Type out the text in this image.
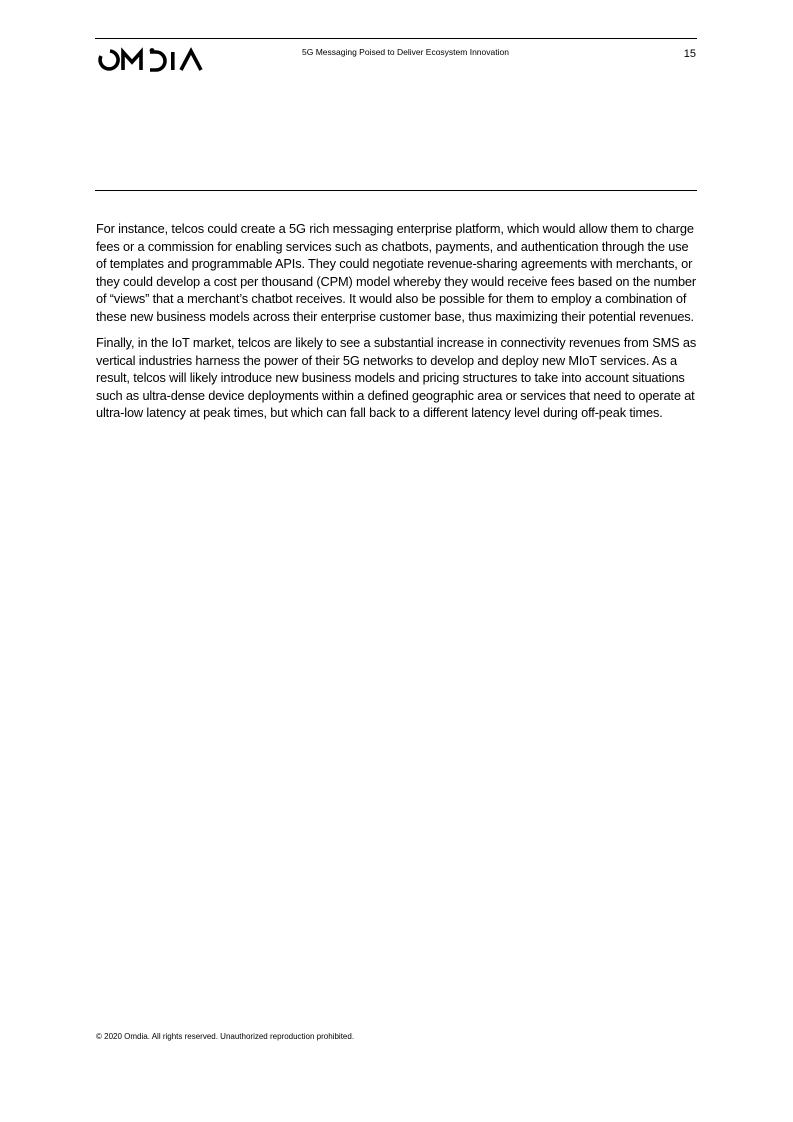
5G Messaging Poised to Deliver Ecosystem Innovation	15

For instance, telcos could create a 5G rich messaging enterprise platform, which would allow them to charge fees or a commission for enabling services such as chatbots, payments, and authentication through the use of templates and programmable APIs. They could negotiate revenue-sharing agreements with merchants, or they could develop a cost per thousand (CPM) model whereby they would receive fees based on the number of “views” that a merchant’s chatbot receives. It would also be possible for them to employ a combination of these new business models across their enterprise customer base, thus maximizing their potential revenues.

Finally, in the IoT market, telcos are likely to see a substantial increase in connectivity revenues from SMS as vertical industries harness the power of their 5G networks to develop and deploy new MIoT services. As a result, telcos will likely introduce new business models and pricing structures to take into account situations such as ultra-dense device deployments within a defined geographic area or services that need to operate at ultra-low latency at peak times, but which can fall back to a different latency level during off-peak times.

© 2020 Omdia. All rights reserved. Unauthorized reproduction prohibited.
